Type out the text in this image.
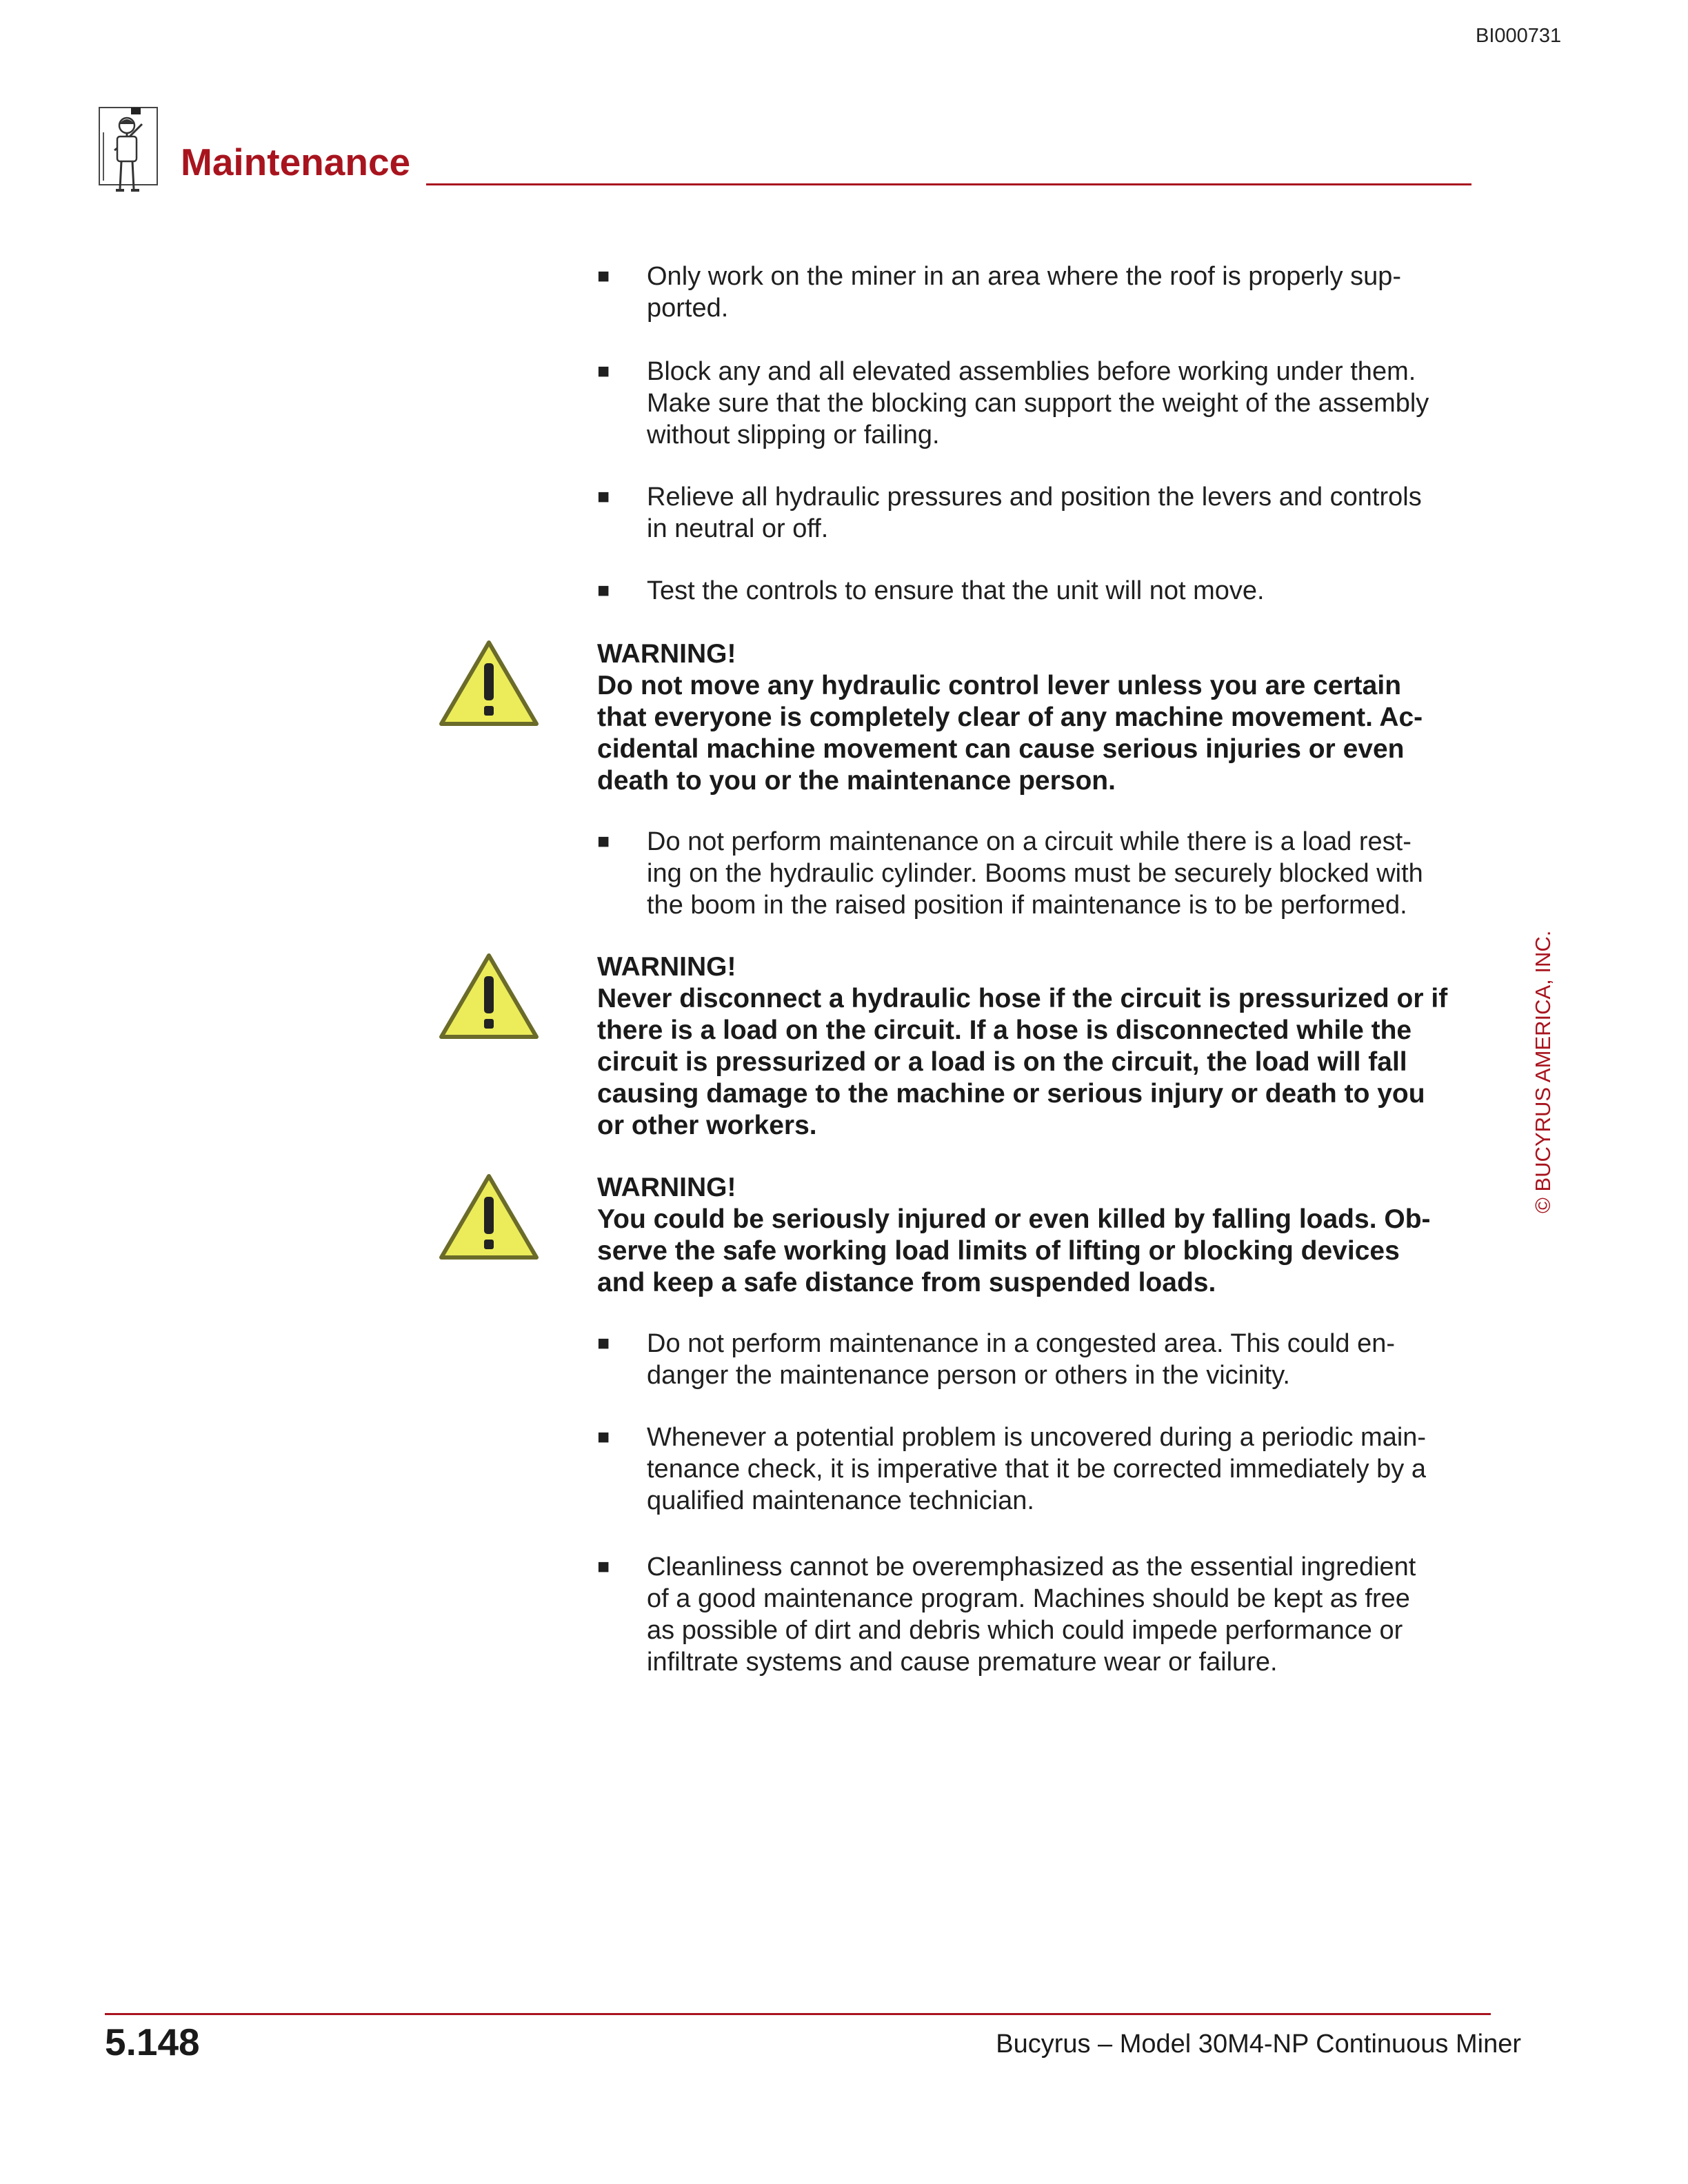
BI000731
Maintenance
■ Only work on the miner in an area where the roof is properly sup-
ported.
■ Block any and all elevated assemblies before working under them.
Make sure that the blocking can support the weight of the assembly
without slipping or failing.
■ Relieve all hydraulic pressures and position the levers and controls
in neutral or off.
■ Test the controls to ensure that the unit will not move.
WARNING!
Do not move any hydraulic control lever unless you are certain
that everyone is completely clear of any machine movement. Ac-
cidental machine movement can cause serious injuries or even
death to you or the maintenance person.
■ Do not perform maintenance on a circuit while there is a load rest-
ing on the hydraulic cylinder. Booms must be securely blocked with
the boom in the raised position if maintenance is to be performed.
WARNING!
Never disconnect a hydraulic hose if the circuit is pressurized or if
there is a load on the circuit. If a hose is disconnected while the
circuit is pressurized or a load is on the circuit, the load will fall
causing damage to the machine or serious injury or death to you
or other workers.
WARNING!
You could be seriously injured or even killed by falling loads. Ob-
serve the safe working load limits of lifting or blocking devices
and keep a safe distance from suspended loads.
■ Do not perform maintenance in a congested area. This could en-
danger the maintenance person or others in the vicinity.
■ Whenever a potential problem is uncovered during a periodic main-
tenance check, it is imperative that it be corrected immediately by a
qualified maintenance technician.
■ Cleanliness cannot be overemphasized as the essential ingredient
of a good maintenance program. Machines should be kept as free
as possible of dirt and debris which could impede performance or
infiltrate systems and cause premature wear or failure.
© BUCYRUS AMERICA, INC.
5.148	Bucyrus – Model 30M4-NP Continuous Miner
